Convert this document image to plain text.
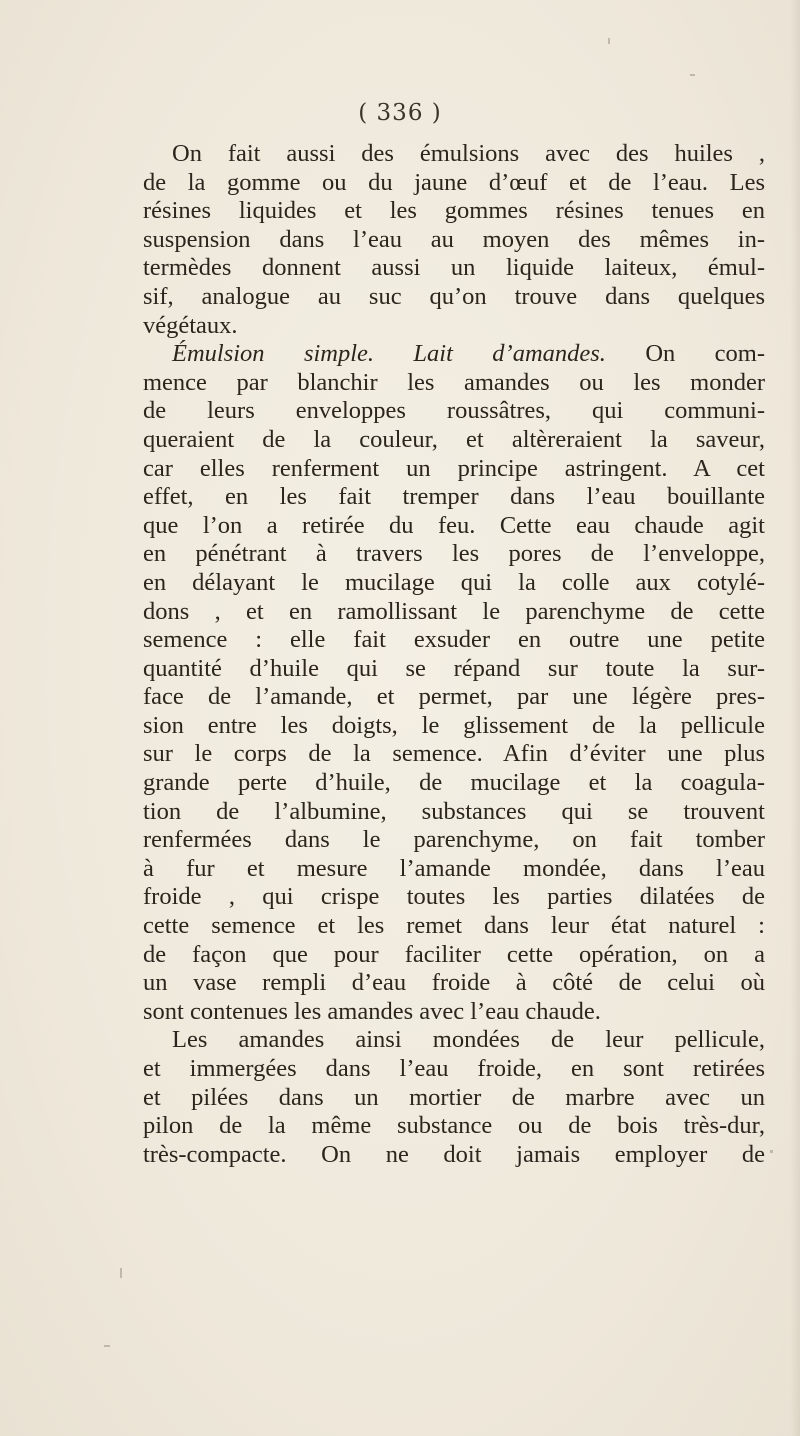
( 336 )
On fait aussi des émulsions avec des huiles ,
de la gomme ou du jaune d’œuf et de l’eau. Les
résines liquides et les gommes résines tenues en
suspension dans l’eau au moyen des mêmes in-
termèdes donnent aussi un liquide laiteux, émul-
sif, analogue au suc qu’on trouve dans quelques
végétaux.
Émulsion simple. Lait d’amandes. On com-
mence par blanchir les amandes ou les monder
de leurs enveloppes roussâtres, qui communi-
queraient de la couleur, et altèreraient la saveur,
car elles renferment un principe astringent. A cet
effet, en les fait tremper dans l’eau bouillante
que l’on a retirée du feu. Cette eau chaude agit
en pénétrant à travers les pores de l’enveloppe,
en délayant le mucilage qui la colle aux cotylé-
dons , et en ramollissant le parenchyme de cette
semence : elle fait exsuder en outre une petite
quantité d’huile qui se répand sur toute la sur-
face de l’amande, et permet, par une légère pres-
sion entre les doigts, le glissement de la pellicule
sur le corps de la semence. Afin d’éviter une plus
grande perte d’huile, de mucilage et la coagula-
tion de l’albumine, substances qui se trouvent
renfermées dans le parenchyme, on fait tomber
à fur et mesure l’amande mondée, dans l’eau
froide , qui crispe toutes les parties dilatées de
cette semence et les remet dans leur état naturel :
de façon que pour faciliter cette opération, on a
un vase rempli d’eau froide à côté de celui où
sont contenues les amandes avec l’eau chaude.
Les amandes ainsi mondées de leur pellicule,
et immergées dans l’eau froide, en sont retirées
et pilées dans un mortier de marbre avec un
pilon de la même substance ou de bois très-dur,
très-compacte. On ne doit jamais employer de
